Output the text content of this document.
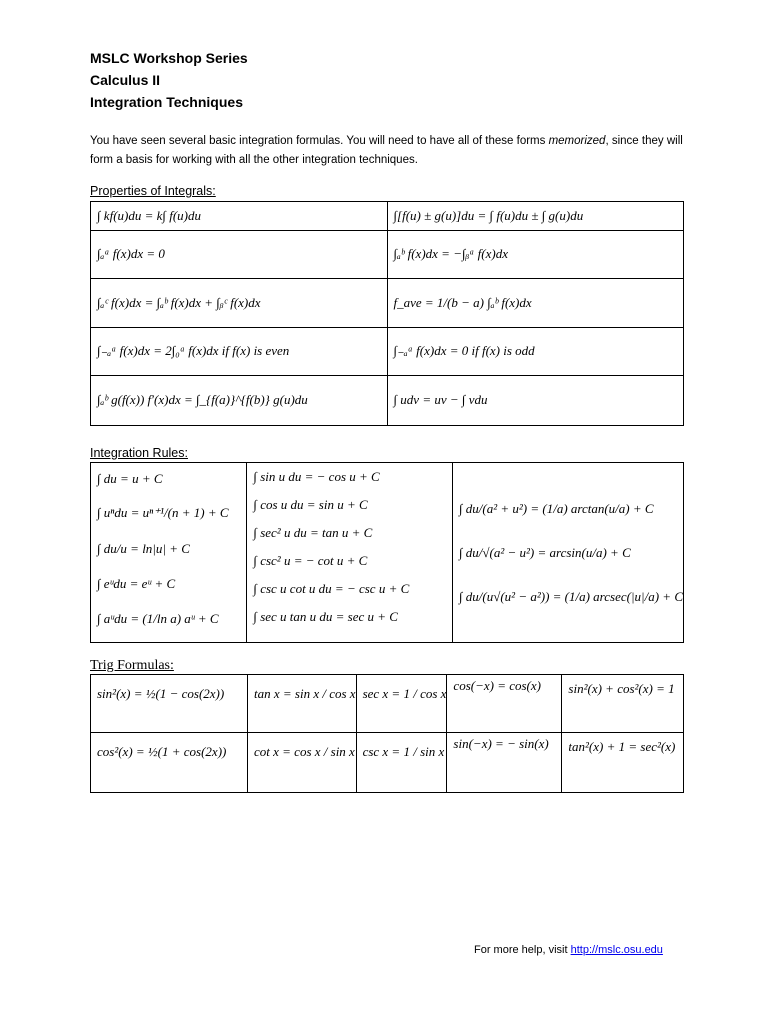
MSLC Workshop Series
Calculus II
Integration Techniques
You have seen several basic integration formulas. You will need to have all of these forms memorized, since they will form a basis for working with all the other integration techniques.
Properties of Integrals:
∫ kf(u)du = k∫ f(u)du	∫[f(u) ± g(u)]du = ∫ f(u)du ± ∫ g(u)du

∫ₐᵃ f(x)dx = 0	∫ₐᵇ f(x)dx = −∫ᵦᵃ f(x)dx

∫ₐᶜ f(x)dx = ∫ₐᵇ f(x)dx + ∫ᵦᶜ f(x)dx	f_ave = 1/(b − a) ∫ₐᵇ f(x)dx

∫₋ₐᵃ f(x)dx = 2∫₀ᵃ f(x)dx if f(x) is even	∫₋ₐᵃ f(x)dx = 0 if f(x) is odd

∫ₐᵇ g(f(x)) f′(x)dx = ∫_{f(a)}^{f(b)} g(u)du	∫ udv = uv − ∫ vdu
Integration Rules:
∫ du = u + C
∫ uⁿdu = uⁿ⁺¹/(n + 1) + C
∫ du/u = ln|u| + C
∫ eᵘdu = eᵘ + C
∫ aᵘdu = (1/ln a) aᵘ + C

∫ sin u du = − cos u + C
∫ cos u du = sin u + C
∫ sec² u du = tan u + C
∫ csc² u = − cot u + C
∫ csc u cot u du = − csc u + C
∫ sec u tan u du = sec u + C

∫ du/(a² + u²) = (1/a) arctan(u/a) + C
∫ du/√(a² − u²) = arcsin(u/a) + C
∫ du/(u√(u² − a²)) = (1/a) arcsec(|u|/a) + C
Trig Formulas:
sin²(x) = ½(1 − cos(2x))	tan x = sin x / cos x	sec x = 1 / cos x	cos(−x) = cos(x)	sin²(x) + cos²(x) = 1

cos²(x) = ½(1 + cos(2x))	cot x = cos x / sin x	csc x = 1 / sin x	sin(−x) = − sin(x)	tan²(x) + 1 = sec²(x)
For more help, visit http://mslc.osu.edu
